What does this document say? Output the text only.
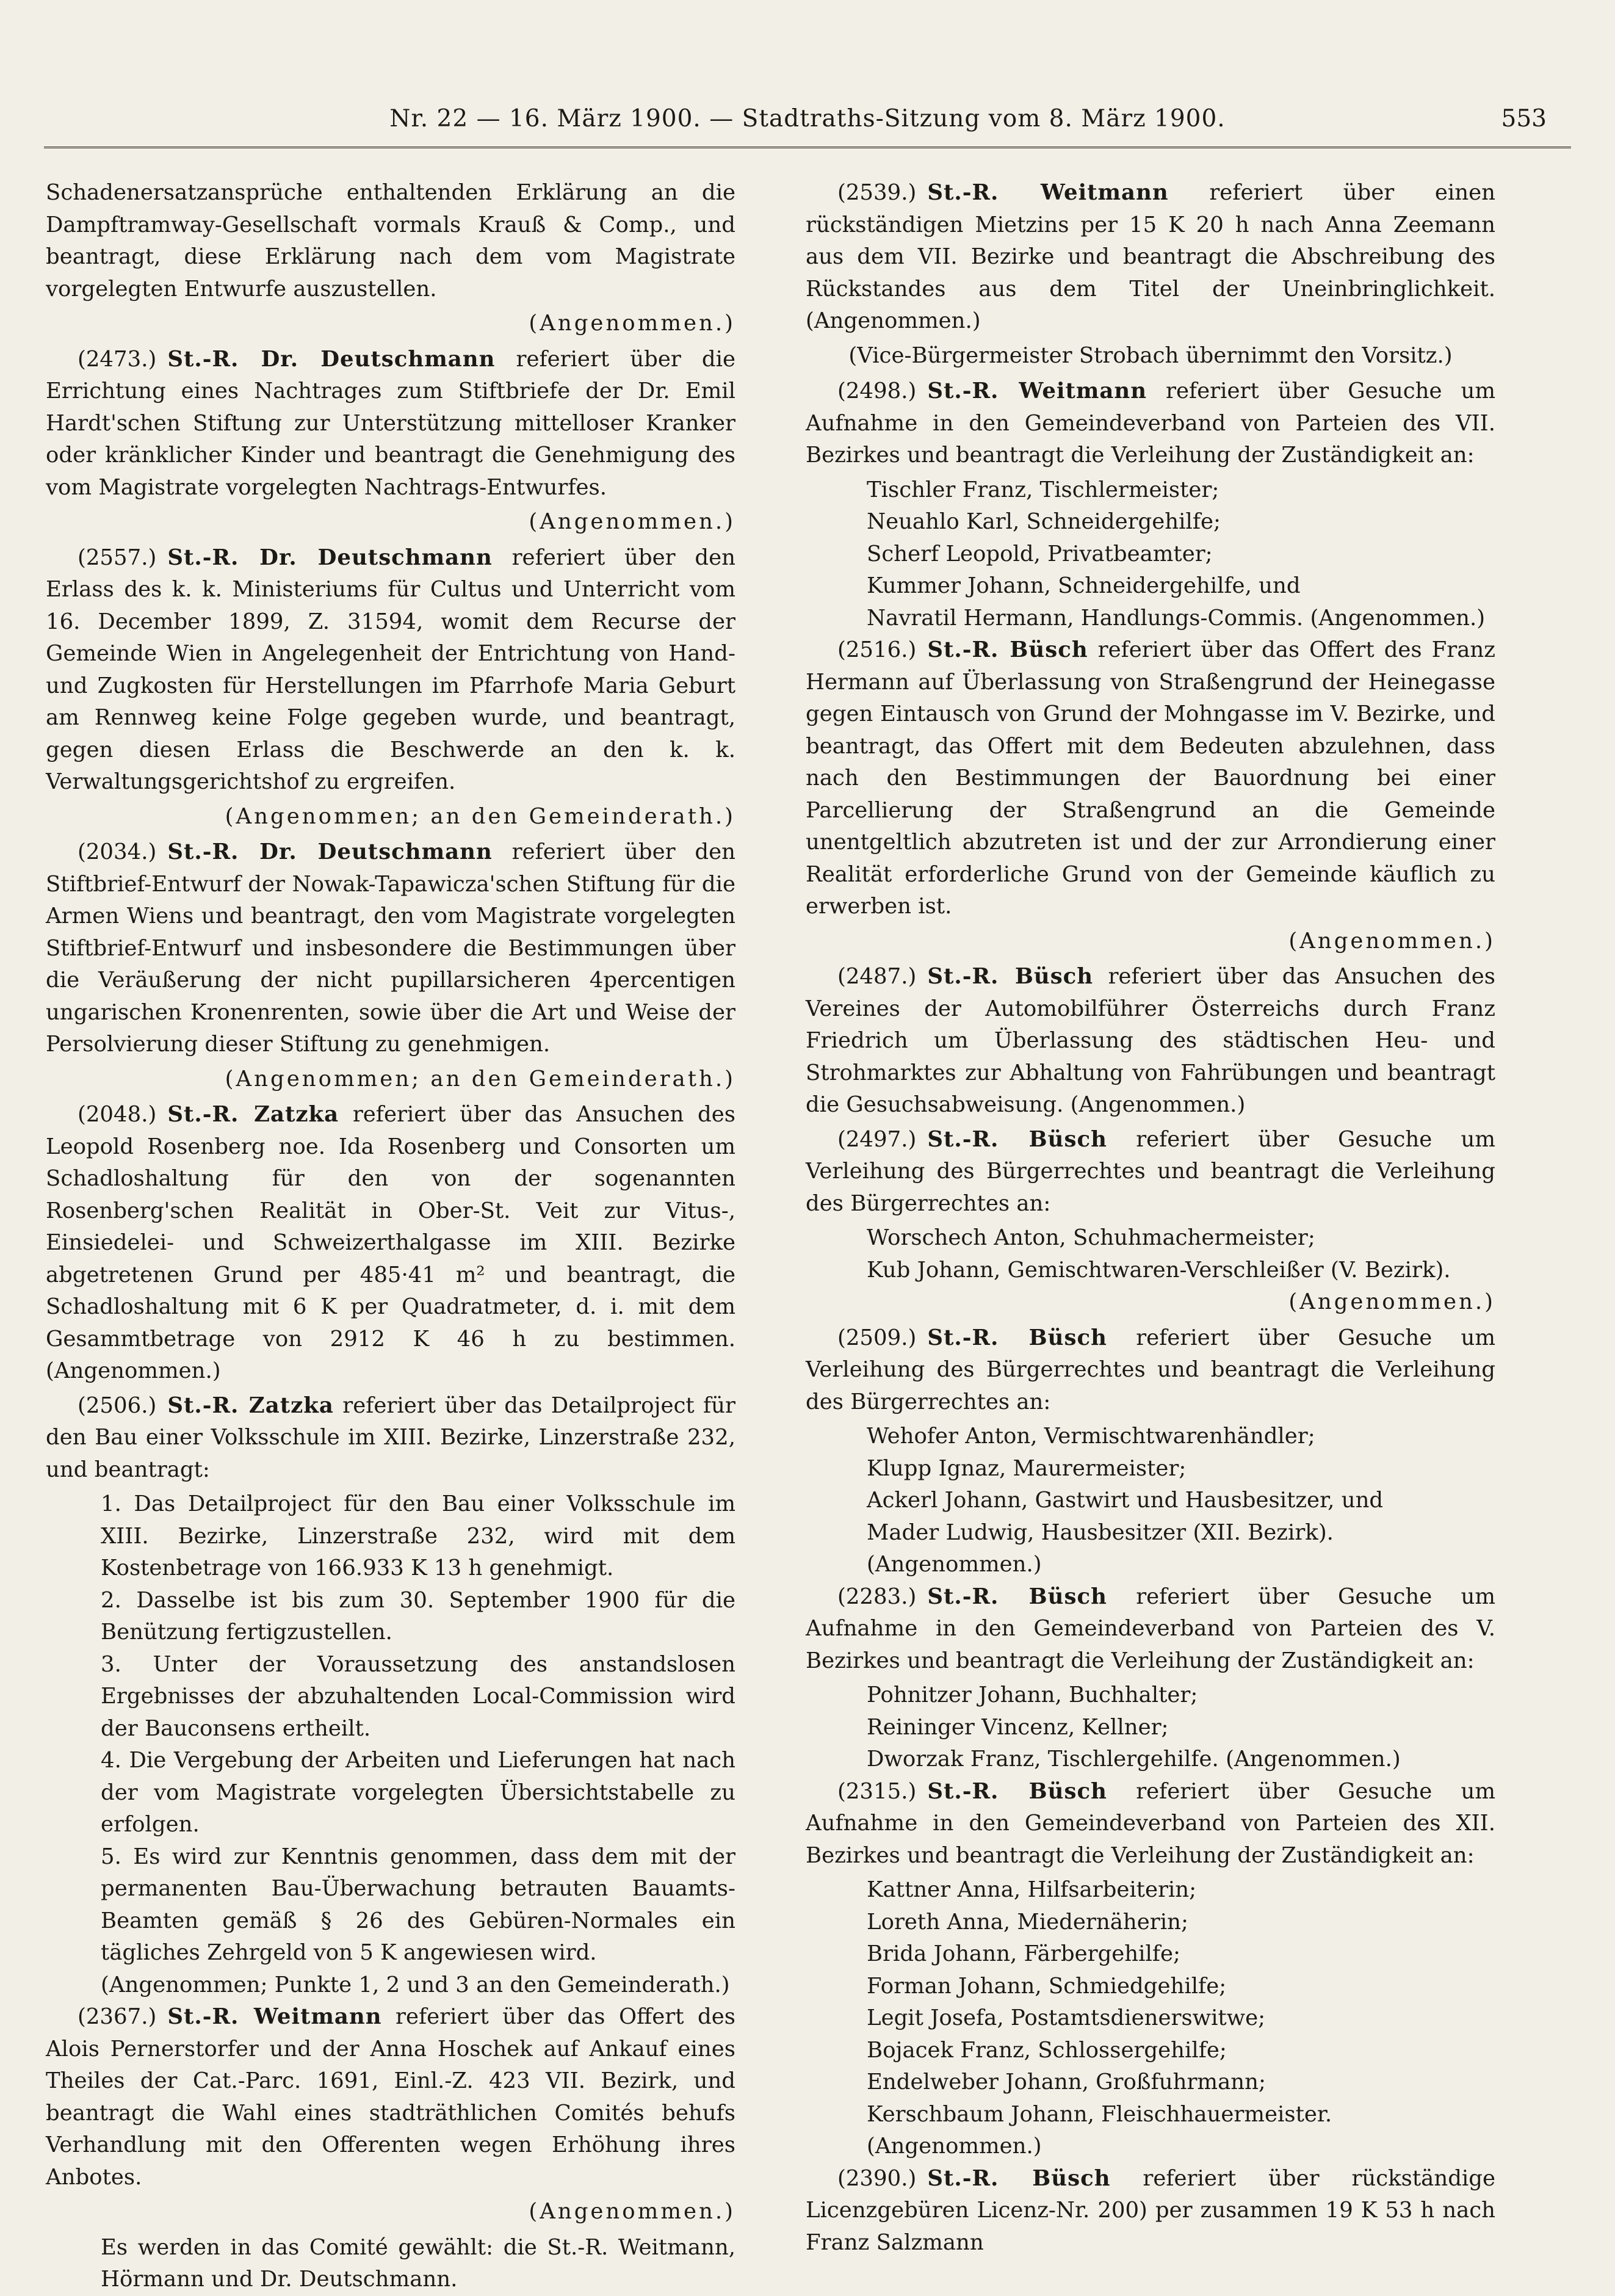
Nr. 22 — 16. März 1900. — Stadtraths-Sitzung vom 8. März 1900.	553

Schadenersatzansprüche enthaltenden Erklärung an die Dampftramway-Gesellschaft vormals Krauß & Comp., und beantragt, diese Erklärung nach dem vom Magistrate vorgelegten Entwurfe auszustellen.

(Angenommen.)

(2473.) St.-R. Dr. Deutschmann referiert über die Errichtung eines Nachtrages zum Stiftbriefe der Dr. Emil Hardt'schen Stiftung zur Unterstützung mittelloser Kranker oder kränklicher Kinder und beantragt die Genehmigung des vom Magistrate vorgelegten Nachtrags-Entwurfes.

(Angenommen.)

(2557.) St.-R. Dr. Deutschmann referiert über den Erlass des k. k. Ministeriums für Cultus und Unterricht vom 16. December 1899, Z. 31594, womit dem Recurse der Gemeinde Wien in Angelegenheit der Entrichtung von Hand- und Zugkosten für Herstellungen im Pfarrhofe Maria Geburt am Rennweg keine Folge gegeben wurde, und beantragt, gegen diesen Erlass die Beschwerde an den k. k. Verwaltungsgerichtshof zu ergreifen.

(Angenommen; an den Gemeinderath.)

(2034.) St.-R. Dr. Deutschmann referiert über den Stiftbrief-Entwurf der Nowak-Tapawicza'schen Stiftung für die Armen Wiens und beantragt, den vom Magistrate vorgelegten Stiftbrief-Entwurf und insbesondere die Bestimmungen über die Veräußerung der nicht pupillarsicheren 4percentigen ungarischen Kronenrenten, sowie über die Art und Weise der Persolvierung dieser Stiftung zu genehmigen.

(Angenommen; an den Gemeinderath.)

(2048.) St.-R. Zatzka referiert über das Ansuchen des Leopold Rosenberg noe. Ida Rosenberg und Consorten um Schadloshaltung für den von der sogenannten Rosenberg'schen Realität in Ober-St. Veit zur Vitus-, Einsiedelei- und Schweizerthalgasse im XIII. Bezirke abgetretenen Grund per 485·41 m² und beantragt, die Schadloshaltung mit 6 K per Quadratmeter, d. i. mit dem Gesammtbetrage von 2912 K 46 h zu bestimmen. (Angenommen.)

(2506.) St.-R. Zatzka referiert über das Detailproject für den Bau einer Volksschule im XIII. Bezirke, Linzerstraße 232, und beantragt:

1. Das Detailproject für den Bau einer Volksschule im XIII. Bezirke, Linzerstraße 232, wird mit dem Kostenbetrage von 166.933 K 13 h genehmigt.

2. Dasselbe ist bis zum 30. September 1900 für die Benützung fertigzustellen.

3. Unter der Voraussetzung des anstandslosen Ergebnisses der abzuhaltenden Local-Commission wird der Bauconsens ertheilt.

4. Die Vergebung der Arbeiten und Lieferungen hat nach der vom Magistrate vorgelegten Übersichtstabelle zu erfolgen.

5. Es wird zur Kenntnis genommen, dass dem mit der permanenten Bau-Überwachung betrauten Bauamts-Beamten gemäß § 26 des Gebüren-Normales ein tägliches Zehrgeld von 5 K angewiesen wird.

(Angenommen; Punkte 1, 2 und 3 an den Gemeinderath.)

(2367.) St.-R. Weitmann referiert über das Offert des Alois Pernerstorfer und der Anna Hoschek auf Ankauf eines Theiles der Cat.-Parc. 1691, Einl.-Z. 423 VII. Bezirk, und beantragt die Wahl eines stadträthlichen Comités behufs Verhandlung mit den Offerenten wegen Erhöhung ihres Anbotes.

(Angenommen.)

Es werden in das Comité gewählt: die St.-R. Weitmann, Hörmann und Dr. Deutschmann.

(2539.) St.-R. Weitmann referiert über einen rückständigen Mietzins per 15 K 20 h nach Anna Zeemann aus dem VII. Bezirke und beantragt die Abschreibung des Rückstandes aus dem Titel der Uneinbringlichkeit. (Angenommen.)

(Vice-Bürgermeister Strobach übernimmt den Vorsitz.)

(2498.) St.-R. Weitmann referiert über Gesuche um Aufnahme in den Gemeindeverband von Parteien des VII. Bezirkes und beantragt die Verleihung der Zuständigkeit an:

Tischler Franz, Tischlermeister;

Neuahlo Karl, Schneidergehilfe;

Scherf Leopold, Privatbeamter;

Kummer Johann, Schneidergehilfe, und

Navratil Hermann, Handlungs-Commis. (Angenommen.)

(2516.) St.-R. Büsch referiert über das Offert des Franz Hermann auf Überlassung von Straßengrund der Heinegasse gegen Eintausch von Grund der Mohngasse im V. Bezirke, und beantragt, das Offert mit dem Bedeuten abzulehnen, dass nach den Bestimmungen der Bauordnung bei einer Parcellierung der Straßengrund an die Gemeinde unentgeltlich abzutreten ist und der zur Arrondierung einer Realität erforderliche Grund von der Gemeinde käuflich zu erwerben ist.

(Angenommen.)

(2487.) St.-R. Büsch referiert über das Ansuchen des Vereines der Automobilführer Österreichs durch Franz Friedrich um Überlassung des städtischen Heu- und Strohmarktes zur Abhaltung von Fahrübungen und beantragt die Gesuchsabweisung. (Angenommen.)

(2497.) St.-R. Büsch referiert über Gesuche um Verleihung des Bürgerrechtes und beantragt die Verleihung des Bürgerrechtes an:

Worschech Anton, Schuhmachermeister;

Kub Johann, Gemischtwaren-Verschleißer (V. Bezirk).

(Angenommen.)

(2509.) St.-R. Büsch referiert über Gesuche um Verleihung des Bürgerrechtes und beantragt die Verleihung des Bürgerrechtes an:

Wehofer Anton, Vermischtwarenhändler;

Klupp Ignaz, Maurermeister;

Ackerl Johann, Gastwirt und Hausbesitzer, und

Mader Ludwig, Hausbesitzer (XII. Bezirk). (Angenommen.)

(2283.) St.-R. Büsch referiert über Gesuche um Aufnahme in den Gemeindeverband von Parteien des V. Bezirkes und beantragt die Verleihung der Zuständigkeit an:

Pohnitzer Johann, Buchhalter;

Reininger Vincenz, Kellner;

Dworzak Franz, Tischlergehilfe. (Angenommen.)

(2315.) St.-R. Büsch referiert über Gesuche um Aufnahme in den Gemeindeverband von Parteien des XII. Bezirkes und beantragt die Verleihung der Zuständigkeit an:

Kattner Anna, Hilfsarbeiterin;

Loreth Anna, Miedernäherin;

Brida Johann, Färbergehilfe;

Forman Johann, Schmiedgehilfe;

Legit Josefa, Postamtsdienerswitwe;

Bojacek Franz, Schlossergehilfe;

Endelweber Johann, Großfuhrmann;

Kerschbaum Johann, Fleischhauermeister. (Angenommen.)

(2390.) St.-R. Büsch referiert über rückständige Licenzgebüren Licenz-Nr. 200) per zusammen 19 K 53 h nach Franz Salzmann
